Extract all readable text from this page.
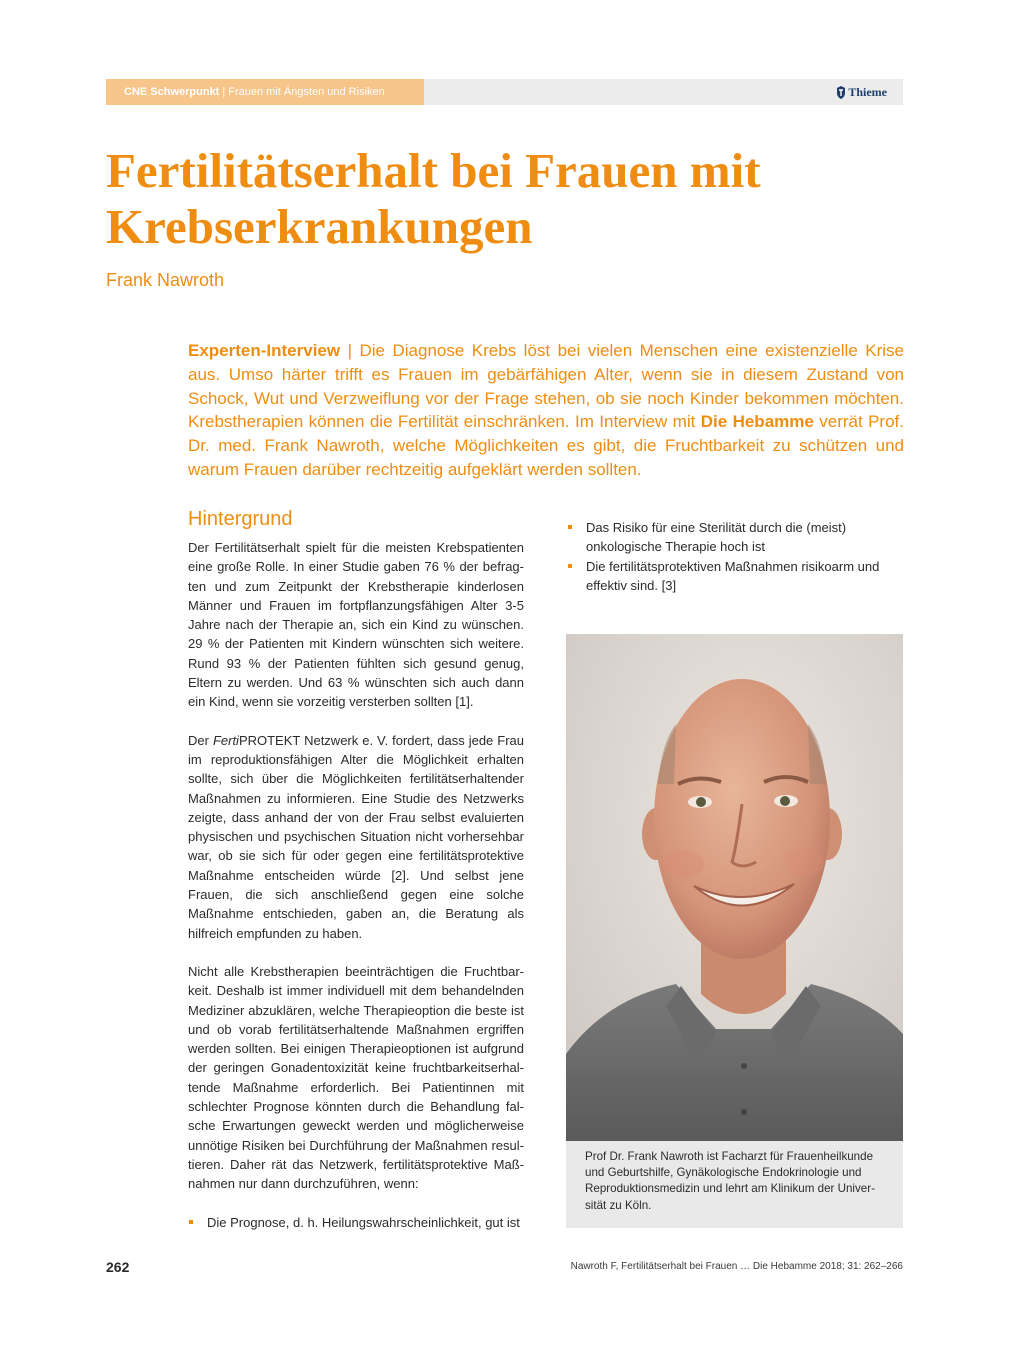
CNE Schwerpunkt | Frauen mit Ängsten und Risiken	Thieme
Fertilitätserhalt bei Frauen mit Krebserkrankungen
Frank Nawroth

Experten-Interview | Die Diagnose Krebs löst bei vielen Menschen eine existenzielle Krise aus. Umso härter trifft es Frauen im gebärfähigen Alter, wenn sie in diesem Zustand von Schock, Wut und Verzweiflung vor der Frage stehen, ob sie noch Kinder bekommen möchten. Krebstherapien können die Fertilität einschränken. Im Interview mit Die Hebamme verrät Prof. Dr. med. Frank Nawroth, welche Möglichkeiten es gibt, die Fruchtbarkeit zu schützen und warum Frauen darüber rechtzeitig aufgeklärt werden sollten.

Hintergrund

Der Fertilitätserhalt spielt für die meisten Krebspatienten eine große Rolle. In einer Studie gaben 76 % der befragten und zum Zeitpunkt der Krebstherapie kinderlosen Männer und Frauen im fortpflanzungsfähigen Alter 3-5 Jahre nach der Therapie an, sich ein Kind zu wünschen. 29 % der Patienten mit Kindern wünschten sich weitere. Rund 93 % der Patienten fühlten sich gesund genug, Eltern zu werden. Und 63 % wünschten sich auch dann ein Kind, wenn sie vorzeitig versterben sollten [1].

Der FertiPROTEKT Netzwerk e. V. fordert, dass jede Frau im reproduktionsfähigen Alter die Möglichkeit erhalten sollte, sich über die Möglichkeiten fertilitätserhaltender Maßnahmen zu informieren. Eine Studie des Netzwerks zeigte, dass anhand der von der Frau selbst evaluierten physischen und psychischen Situation nicht vorhersehbar war, ob sie sich für oder gegen eine fertilitätsprotektive Maßnahme entscheiden würde [2]. Und selbst jene Frauen, die sich anschließend gegen eine solche Maßnahme entschieden, gaben an, die Beratung als hilfreich empfunden zu haben.

Nicht alle Krebstherapien beeinträchtigen die Fruchtbarkeit. Deshalb ist immer individuell mit dem behandelnden Mediziner abzuklären, welche Therapieoption die beste ist und ob vorab fertilitätserhaltende Maßnahmen ergriffen werden sollten. Bei einigen Therapieoptionen ist aufgrund der geringen Gonadentoxizität keine fruchtbarkeitserhaltende Maßnahme erforderlich. Bei Patientinnen mit schlechter Prognose könnten durch die Behandlung falsche Erwartungen geweckt werden und möglicherweise unnötige Risiken bei Durchführung der Maßnahmen resultieren. Daher rät das Netzwerk, fertilitätsprotektive Maßnahmen nur dann durchzuführen, wenn:

Die Prognose, d. h. Heilungswahrscheinlichkeit, gut ist
Das Risiko für eine Sterilität durch die (meist) onkologische Therapie hoch ist
Die fertilitätsprotektiven Maßnahmen risikoarm und effektiv sind. [3]
Prof Dr. Frank Nawroth ist Facharzt für Frauenheilkunde und Geburtshilfe, Gynäkologische Endokrinologie und Reproduktionsmedizin und lehrt am Klinikum der Universität zu Köln.
262	Nawroth F, Fertilitätserhalt bei Frauen … Die Hebamme 2018; 31: 262–266
